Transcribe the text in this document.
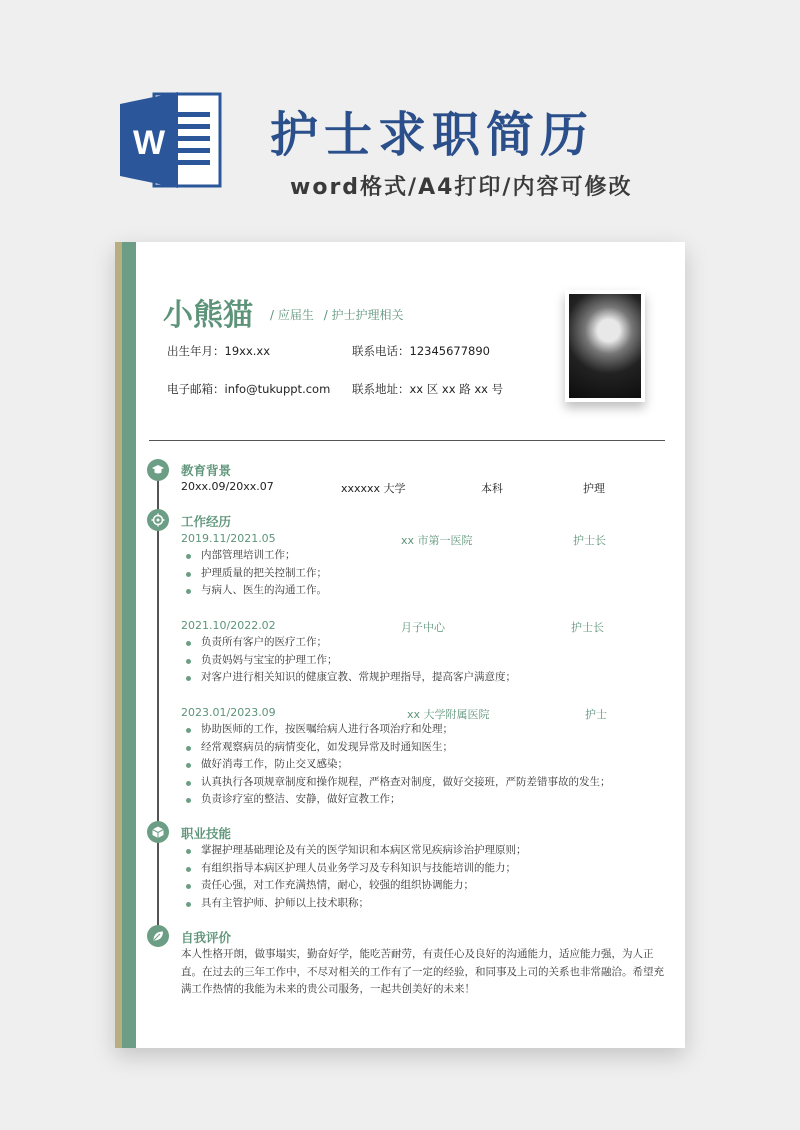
W 护士求职简历
word格式/A4打印/内容可修改
小熊猫 / 应届生 / 护士护理相关
出生年月：19xx.xx	联系电话：12345677890
电子邮箱：info@tukuppt.com 联系地址：xx 区 xx 路 xx 号
教育背景
20xx.09/20xx.07	xxxxxx 大学	本科	护理
工作经历
2019.11/2021.05	xx 市第一医院	护士长
内部管理培训工作；
护理质量的把关控制工作；
与病人、医生的沟通工作。
2021.10/2022.02	月子中心	护士长
负责所有客户的医疗工作；
负责妈妈与宝宝的护理工作；
对客户进行相关知识的健康宣教、常规护理指导，提高客户满意度；
2023.01/2023.09	xx 大学附属医院	护士
协助医师的工作，按医嘱给病人进行各项治疗和处理；
经常观察病员的病情变化，如发现异常及时通知医生；
做好消毒工作，防止交叉感染；
认真执行各项规章制度和操作规程，严格查对制度，做好交接班，严防差错事故的发生；
负责诊疗室的整洁、安静，做好宣教工作；
职业技能
掌握护理基础理论及有关的医学知识和本病区常见疾病诊治护理原则；
有组织指导本病区护理人员业务学习及专科知识与技能培训的能力；
责任心强，对工作充满热情，耐心，较强的组织协调能力；
具有主管护师、护师以上技术职称；
自我评价
本人性格开朗，做事塌实，勤奋好学，能吃苦耐劳，有责任心及良好的沟通能力，适应能力强，为人正直。在过去的三年工作中，不尽对相关的工作有了一定的经验，和同事及上司的关系也非常融洽。希望充满工作热情的我能为未来的贵公司服务，一起共创美好的未来！
